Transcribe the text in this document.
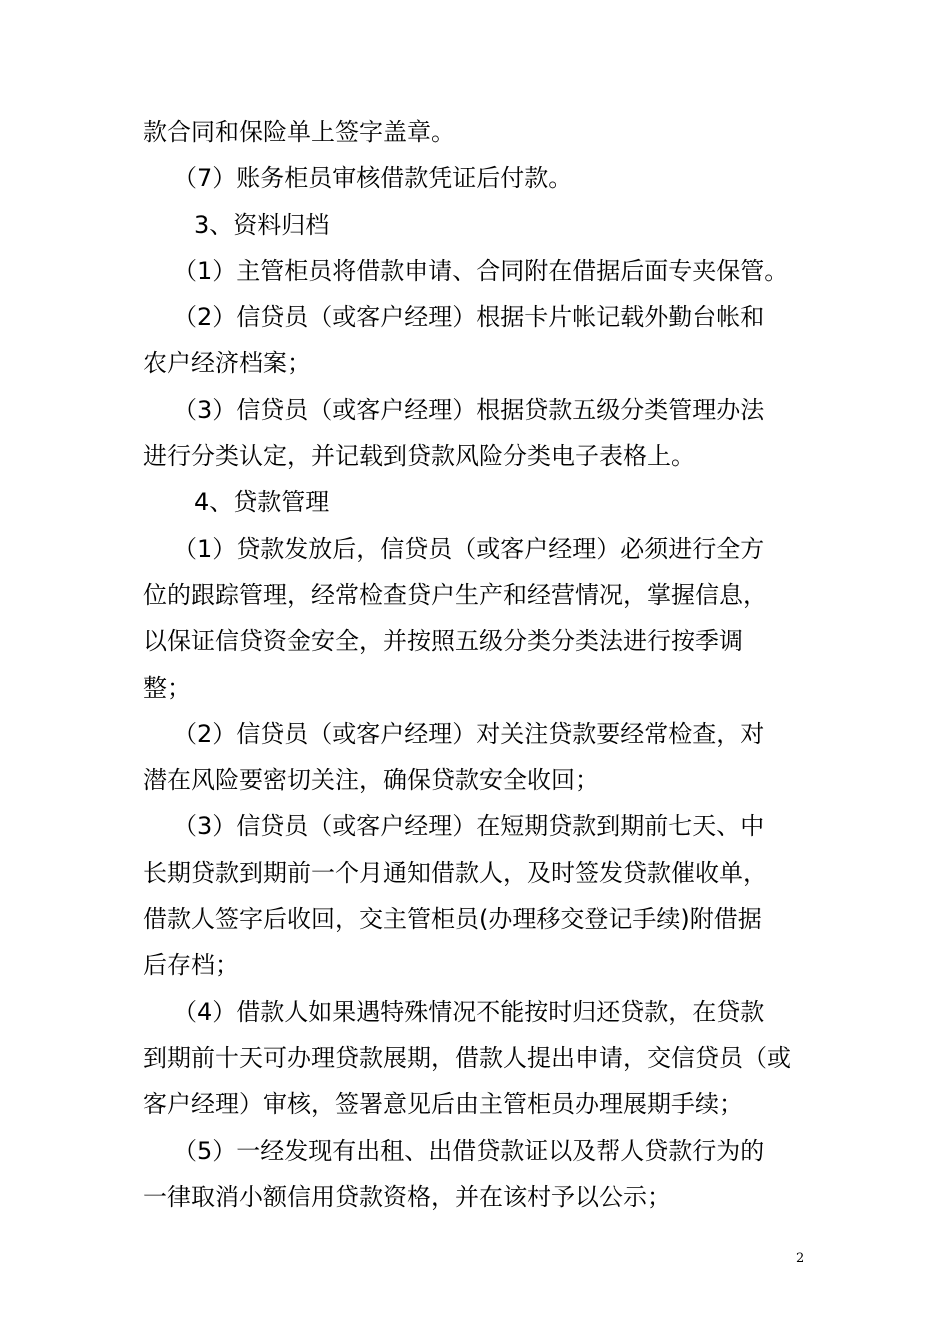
款合同和保险单上签字盖章。
（7）账务柜员审核借款凭证后付款。
3、资料归档
（1）主管柜员将借款申请、合同附在借据后面专夹保管。
（2）信贷员（或客户经理）根据卡片帐记载外勤台帐和
农户经济档案；
（3）信贷员（或客户经理）根据贷款五级分类管理办法
进行分类认定，并记载到贷款风险分类电子表格上。
4、贷款管理
（1）贷款发放后，信贷员（或客户经理）必须进行全方
位的跟踪管理，经常检查贷户生产和经营情况，掌握信息，
以保证信贷资金安全，并按照五级分类分类法进行按季调
整；
（2）信贷员（或客户经理）对关注贷款要经常检查，对
潜在风险要密切关注，确保贷款安全收回；
（3）信贷员（或客户经理）在短期贷款到期前七天、中
长期贷款到期前一个月通知借款人，及时签发贷款催收单，
借款人签字后收回，交主管柜员(办理移交登记手续)附借据
后存档；
（4）借款人如果遇特殊情况不能按时归还贷款，在贷款
到期前十天可办理贷款展期，借款人提出申请，交信贷员（或
客户经理）审核，签署意见后由主管柜员办理展期手续；
（5）一经发现有出租、出借贷款证以及帮人贷款行为的
一律取消小额信用贷款资格，并在该村予以公示；
2
